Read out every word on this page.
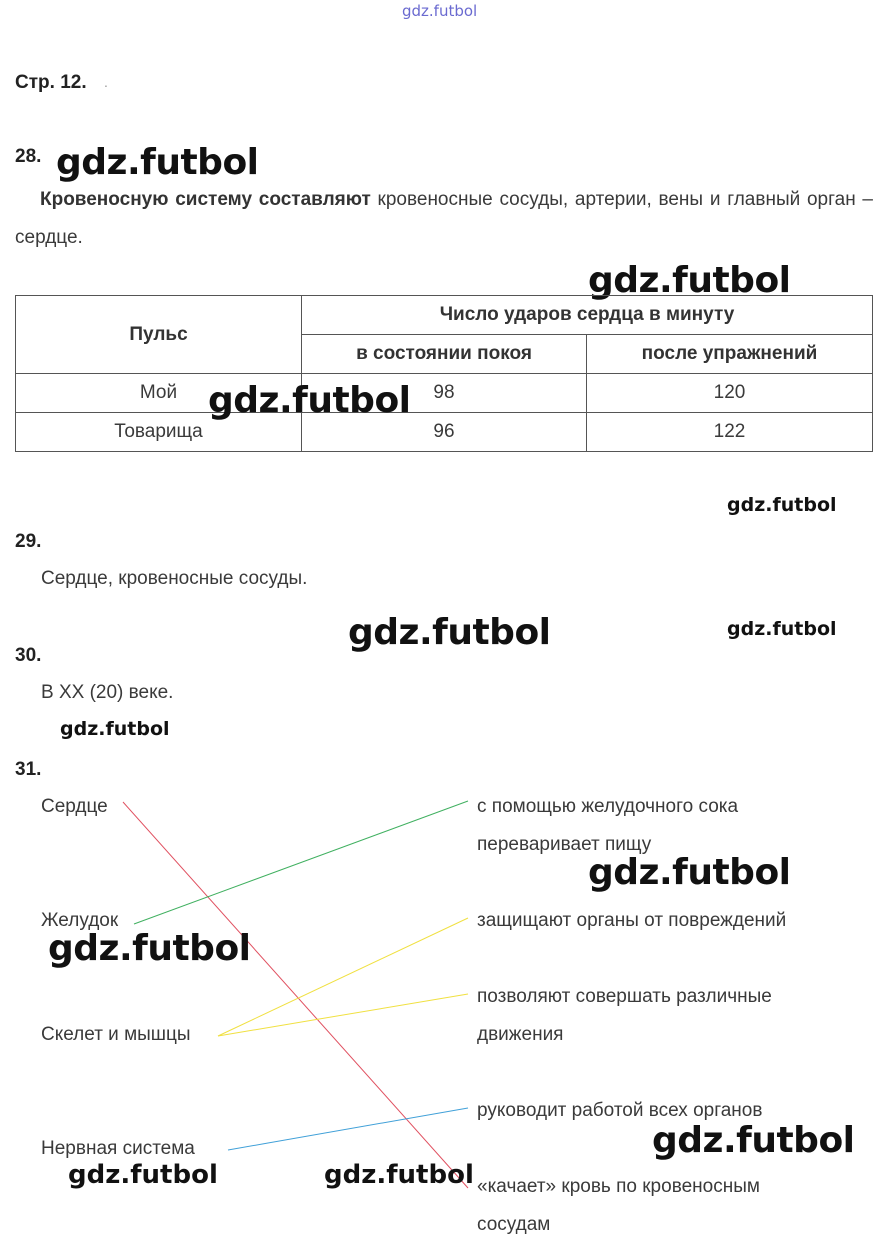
gdz.futbol
Стр. 12. .
28. gdz.futbol
Кровеносную систему составляют кровеносные сосуды, артерии, вены и главный орган – сердце.
gdz.futbol
Пульс	Число ударов сердца в минуту	
	в состоянии покоя	после упражнений
Мой	98	120
Товарища	96	122
gdz.futbol
gdz.futbol
29.
Сердце, кровеносные сосуды.
gdz.futbol	gdz.futbol
30.
В XX (20) веке.
gdz.futbol
31.
Сердце
Желудок
Скелет и мышцы
Нервная система
с помощью желудочного сока
переваривает пищу
защищают органы от повреждений
позволяют совершать различные
движения
руководит работой всех органов
«качает» кровь по кровеносным
сосудам
gdz.futbol
gdz.futbol
gdz.futbol
gdz.futbol	gdz.futbol
